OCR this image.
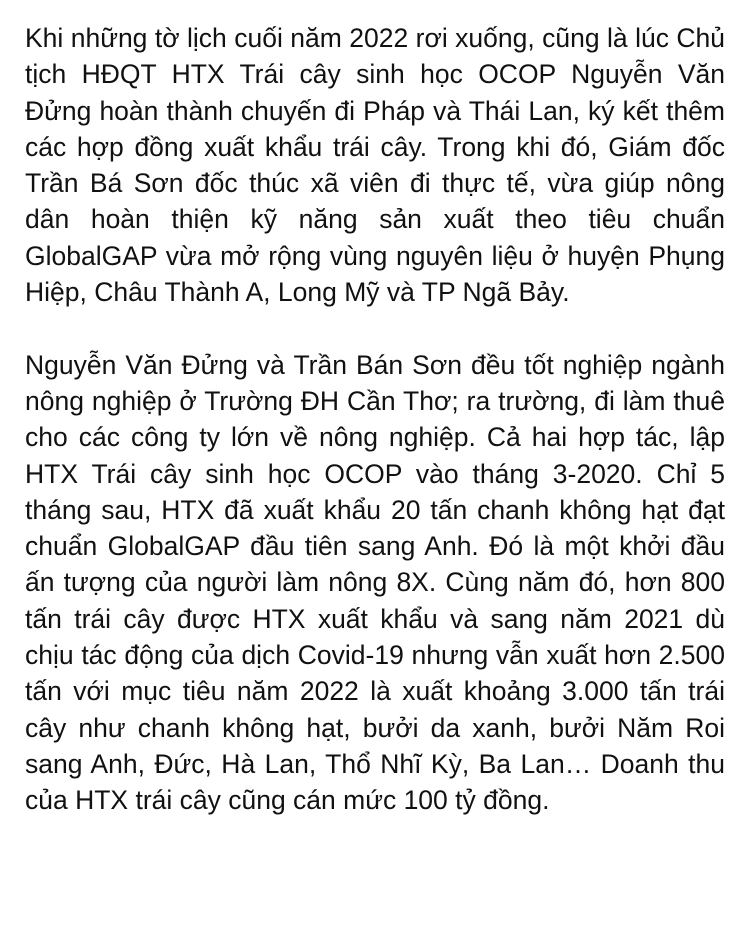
Khi những tờ lịch cuối năm 2022 rơi xuống, cũng là lúc Chủ tịch HĐQT HTX Trái cây sinh học OCOP Nguyễn Văn Đửng hoàn thành chuyến đi Pháp và Thái Lan, ký kết thêm các hợp đồng xuất khẩu trái cây. Trong khi đó, Giám đốc Trần Bá Sơn đốc thúc xã viên đi thực tế, vừa giúp nông dân hoàn thiện kỹ năng sản xuất theo tiêu chuẩn GlobalGAP vừa mở rộng vùng nguyên liệu ở huyện Phụng Hiệp, Châu Thành A, Long Mỹ và TP Ngã Bảy.

Nguyễn Văn Đửng và Trần Bán Sơn đều tốt nghiệp ngành nông nghiệp ở Trường ĐH Cần Thơ; ra trường, đi làm thuê cho các công ty lớn về nông nghiệp. Cả hai hợp tác, lập HTX Trái cây sinh học OCOP vào tháng 3-2020. Chỉ 5 tháng sau, HTX đã xuất khẩu 20 tấn chanh không hạt đạt chuẩn GlobalGAP đầu tiên sang Anh. Đó là một khởi đầu ấn tượng của người làm nông 8X. Cùng năm đó, hơn 800 tấn trái cây được HTX xuất khẩu và sang năm 2021 dù chịu tác động của dịch Covid-19 nhưng vẫn xuất hơn 2.500 tấn với mục tiêu năm 2022 là xuất khoảng 3.000 tấn trái cây như chanh không hạt, bưởi da xanh, bưởi Năm Roi sang Anh, Đức, Hà Lan, Thổ Nhĩ Kỳ, Ba Lan… Doanh thu của HTX trái cây cũng cán mức 100 tỷ đồng.
